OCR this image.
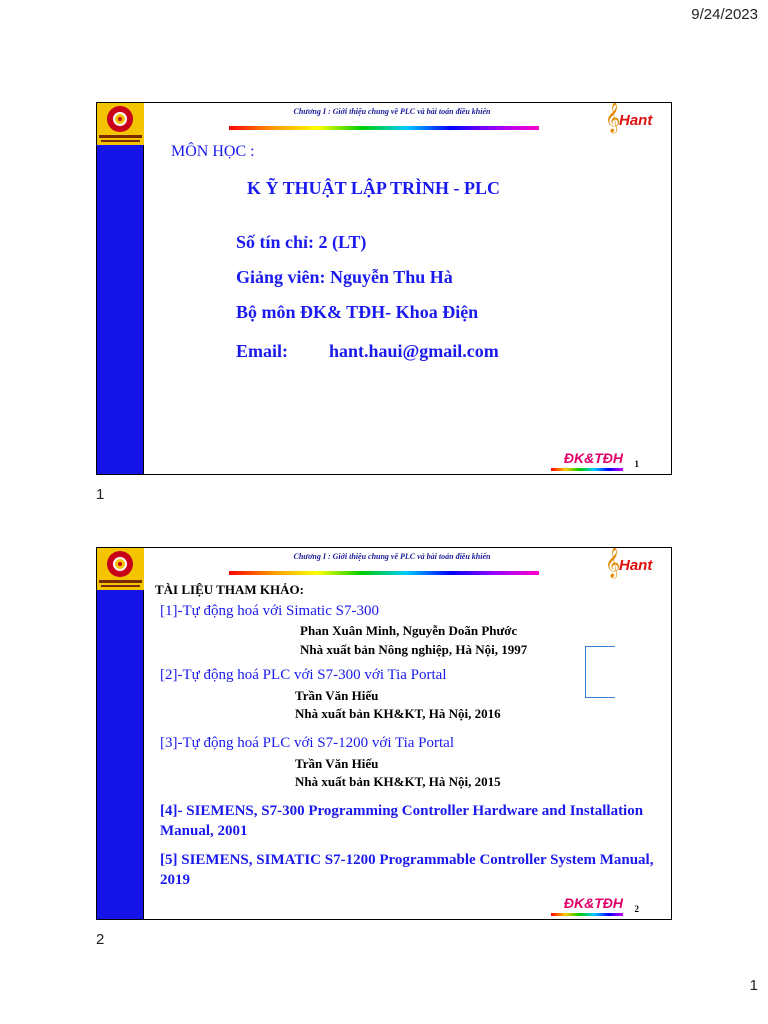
9/24/2023
Chương I : Giới thiệu chung về PLC và bài toán điều khiển	𝄞
Hant
MÔN HỌC :
K Ỹ THUẬT LẬP TRÌNH - PLC
Số tín chỉ: 2 (LT)
Giảng viên: Nguyễn Thu Hà
Bộ môn ĐK& TĐH- Khoa Điện
Email: hant.haui@gmail.com
ĐK&TĐH 1
1
Chương I : Giới thiệu chung về PLC và bài toán điều khiển	𝄞
Hant
TÀI LIỆU THAM KHẢO:
[1]-Tự động hoá với Simatic S7-300
Phan Xuân Minh, Nguyễn Doãn Phước
Nhà xuất bản Nông nghiệp, Hà Nội, 1997
[2]-Tự động hoá PLC với S7-300 với Tia Portal
Trần Văn Hiếu
Nhà xuất bản KH&KT, Hà Nội, 2016
[3]-Tự động hoá PLC với S7-1200 với Tia Portal
Trần Văn Hiếu
Nhà xuất bản KH&KT, Hà Nội, 2015
[4]- SIEMENS, S7-300 Programming Controller Hardware and Installation Manual, 2001
[5] SIEMENS, SIMATIC S7-1200 Programmable Controller System Manual, 2019
ĐK&TĐH 2
2
1
